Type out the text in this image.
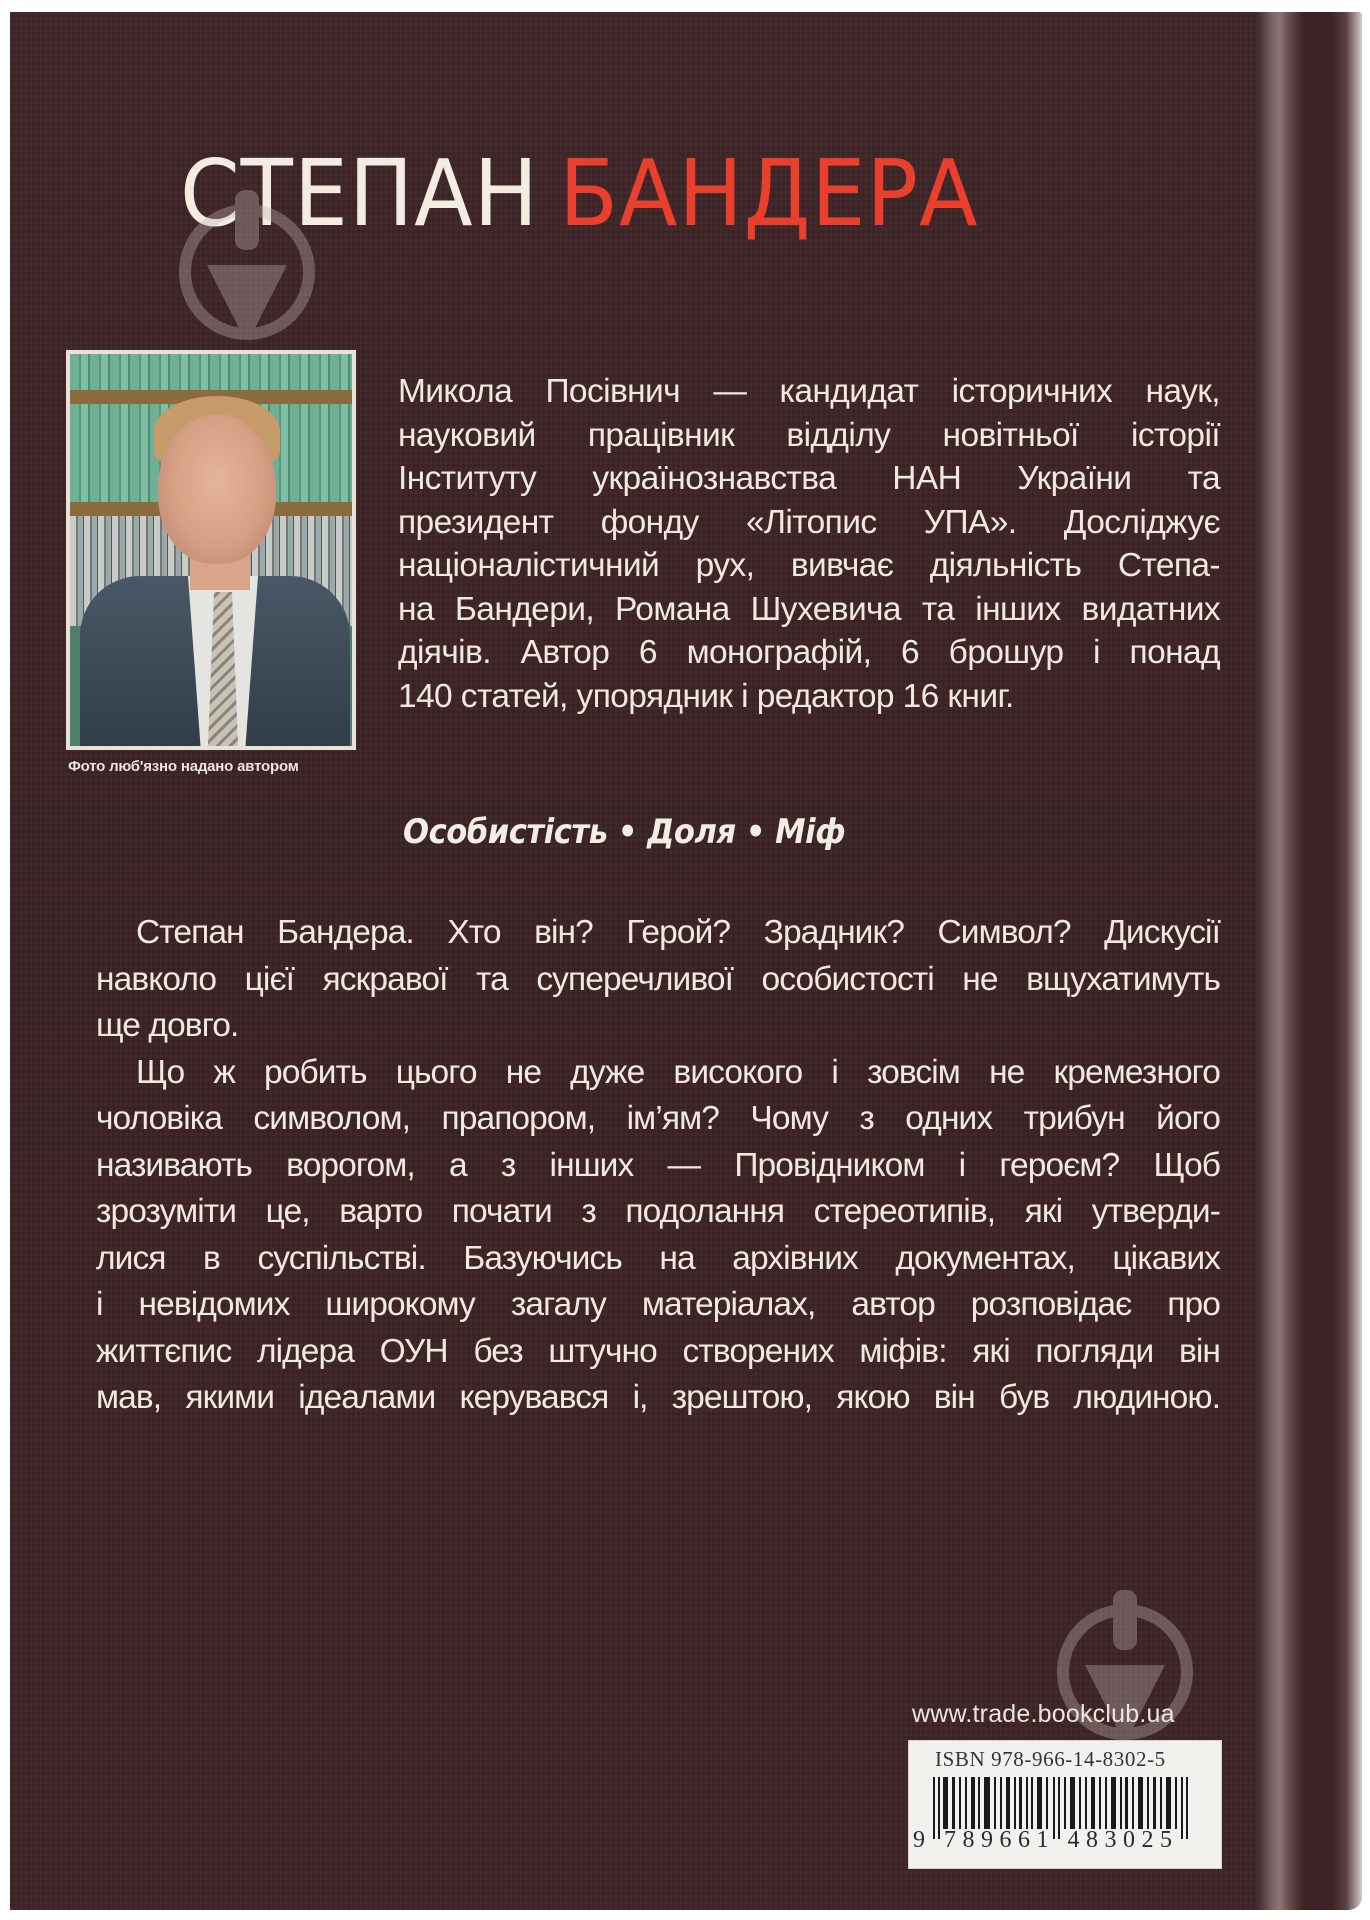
СТЕПАН БАНДЕРА
Фото люб'язно надано автором
Микола Посівнич — кандидат історичних наук,
науковий працівник відділу новітньої історії
Інституту українознавства НАН України та
президент фонду «Літопис УПА». Досліджує
націоналістичний рух, вивчає діяльність Степа-
на Бандери, Романа Шухевича та інших видатних
діячів. Автор 6 монографій, 6 брошур і понад
140 статей, упорядник і редактор 16 книг.
Особистість • Доля • Міф
Степан Бандера. Хто він? Герой? Зрадник? Символ? Дискусії
навколо цієї яскравої та суперечливої особистості не вщухатимуть
ще довго.
Що ж робить цього не дуже високого і зовсім не кремезного
чоловіка символом, прапором, ім’ям? Чому з одних трибун його
називають ворогом, а з інших — Провідником і героєм? Щоб
зрозуміти це, варто почати з подолання стереотипів, які утверди-
лися в суспільстві. Базуючись на архівних документах, цікавих
і невідомих широкому загалу матеріалах, автор розповідає про
життєпис лідера ОУН без штучно створених міфів: які погляди він
мав, якими ідеалами керувався і, зрештою, якою він був людиною.
www.trade.bookclub.ua
ISBN 978-966-14-8302-5
9 789661 483025
